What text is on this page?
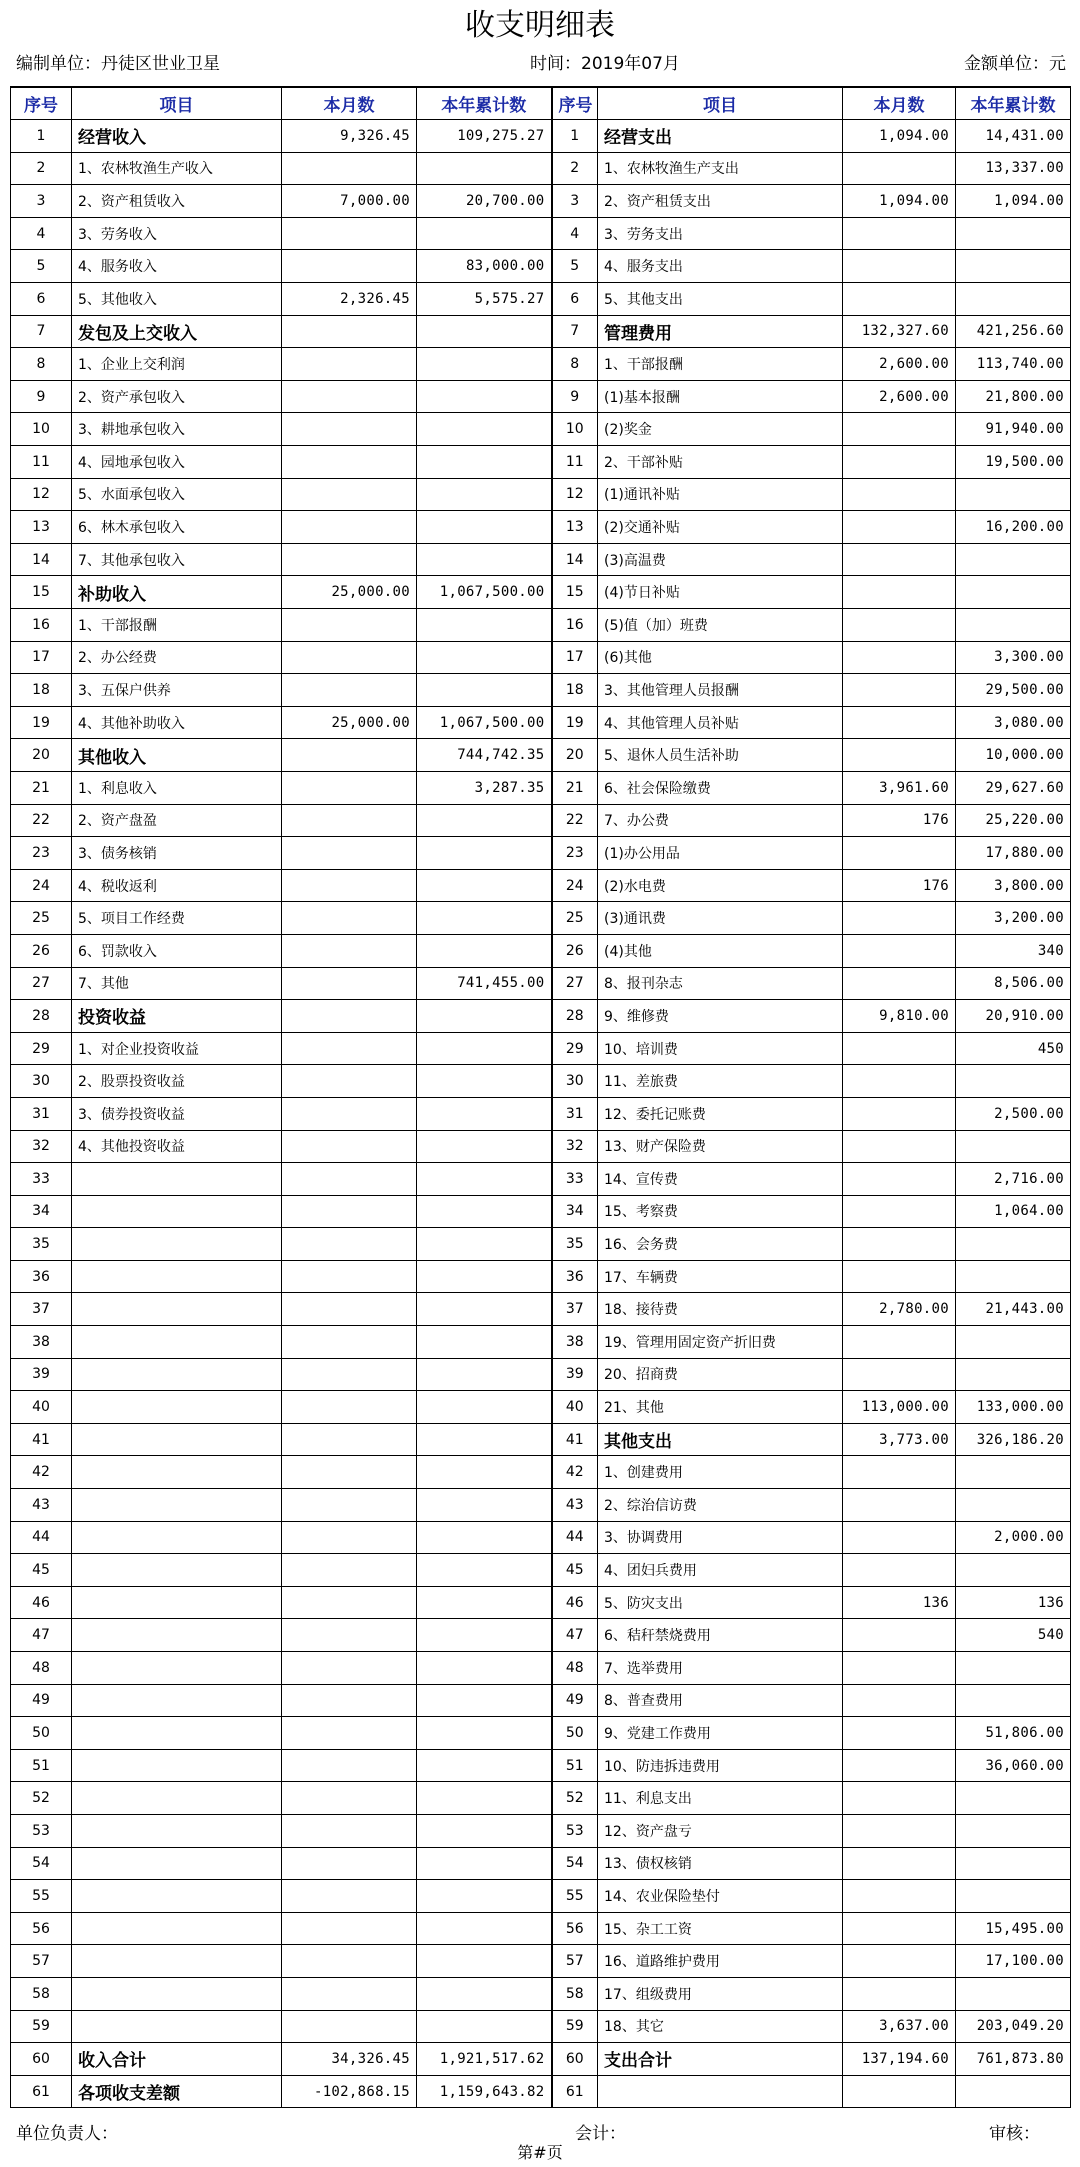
收支明细表
编制单位：丹徒区世业卫星	时间：2019年07月	金额单位：元
序号	项目	本月数	本年累计数	序号	项目	本月数	本年累计数
1	经营收入	9,326.45	109,275.27	1	经营支出	1,094.00	14,431.00
2	1、农林牧渔生产收入			2	1、农林牧渔生产支出		13,337.00
3	2、资产租赁收入	7,000.00	20,700.00	3	2、资产租赁支出	1,094.00	1,094.00
4	3、劳务收入			4	3、劳务支出		
5	4、服务收入		83,000.00	5	4、服务支出		
6	5、其他收入	2,326.45	5,575.27	6	5、其他支出		
7	发包及上交收入			7	管理费用	132,327.60	421,256.60
8	1、企业上交利润			8	1、干部报酬	2,600.00	113,740.00
9	2、资产承包收入			9	(1)基本报酬	2,600.00	21,800.00
10	3、耕地承包收入			10	(2)奖金		91,940.00
11	4、园地承包收入			11	2、干部补贴		19,500.00
12	5、水面承包收入			12	(1)通讯补贴		
13	6、林木承包收入			13	(2)交通补贴		16,200.00
14	7、其他承包收入			14	(3)高温费		
15	补助收入	25,000.00	1,067,500.00	15	(4)节日补贴		
16	1、干部报酬			16	(5)值（加）班费		
17	2、办公经费			17	(6)其他		3,300.00
18	3、五保户供养			18	3、其他管理人员报酬		29,500.00
19	4、其他补助收入	25,000.00	1,067,500.00	19	4、其他管理人员补贴		3,080.00
20	其他收入		744,742.35	20	5、退休人员生活补助		10,000.00
21	1、利息收入		3,287.35	21	6、社会保险缴费	3,961.60	29,627.60
22	2、资产盘盈			22	7、办公费	176	25,220.00
23	3、债务核销			23	(1)办公用品		17,880.00
24	4、税收返利			24	(2)水电费	176	3,800.00
25	5、项目工作经费			25	(3)通讯费		3,200.00
26	6、罚款收入			26	(4)其他		340
27	7、其他		741,455.00	27	8、报刊杂志		8,506.00
28	投资收益			28	9、维修费	9,810.00	20,910.00
29	1、对企业投资收益			29	10、培训费		450
30	2、股票投资收益			30	11、差旅费		
31	3、债券投资收益			31	12、委托记账费		2,500.00
32	4、其他投资收益			32	13、财产保险费		
33				33	14、宣传费		2,716.00
34				34	15、考察费		1,064.00
35				35	16、会务费		
36				36	17、车辆费		
37				37	18、接待费	2,780.00	21,443.00
38				38	19、管理用固定资产折旧费		
39				39	20、招商费		
40				40	21、其他	113,000.00	133,000.00
41				41	其他支出	3,773.00	326,186.20
42				42	1、创建费用		
43				43	2、综治信访费		
44				44	3、协调费用		2,000.00
45				45	4、团妇兵费用		
46				46	5、防灾支出	136	136
47				47	6、秸秆禁烧费用		540
48				48	7、选举费用		
49				49	8、普查费用		
50				50	9、党建工作费用		51,806.00
51				51	10、防违拆违费用		36,060.00
52				52	11、利息支出		
53				53	12、资产盘亏		
54				54	13、债权核销		
55				55	14、农业保险垫付		
56				56	15、杂工工资		15,495.00
57				57	16、道路维护费用		17,100.00
58				58	17、组级费用		
59				59	18、其它	3,637.00	203,049.20
60	收入合计	34,326.45	1,921,517.62	60	支出合计	137,194.60	761,873.80
61	各项收支差额	-102,868.15	1,159,643.82	61			
单位负责人：	会计：	审核：
第#页
